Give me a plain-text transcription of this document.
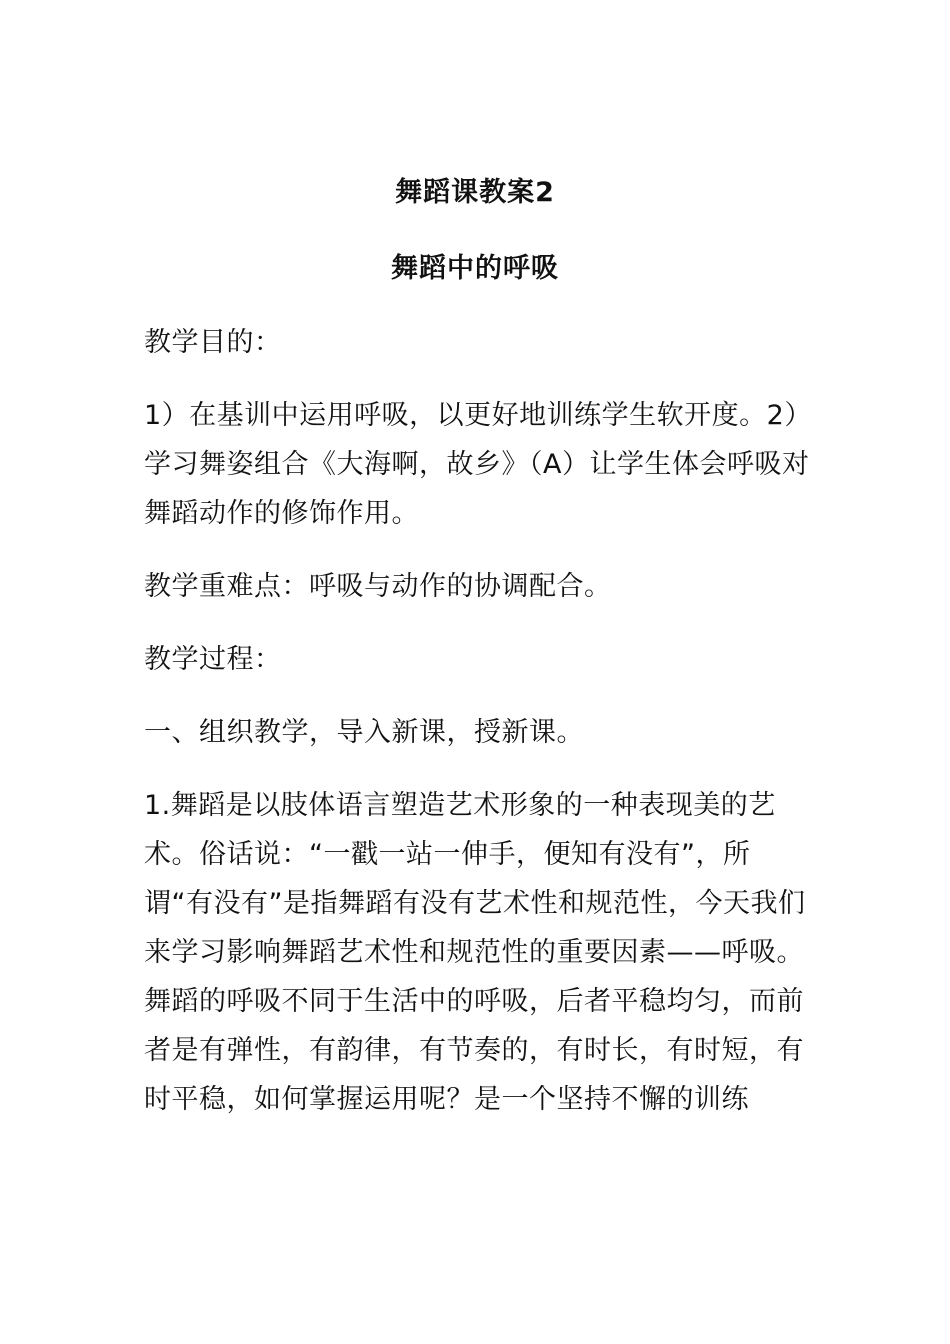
舞蹈课教案2
舞蹈中的呼吸

教学目的：

1）在基训中运用呼吸，以更好地训练学生软开度。2）学习舞姿组合《大海啊，故乡》（A）让学生体会呼吸对舞蹈动作的修饰作用。

教学重难点：呼吸与动作的协调配合。

教学过程：

一、组织教学，导入新课，授新课。

1.舞蹈是以肢体语言塑造艺术形象的一种表现美的艺术。俗话说：“一戳一站一伸手，便知有没有”，所谓“有没有”是指舞蹈有没有艺术性和规范性，今天我们来学习影响舞蹈艺术性和规范性的重要因素——呼吸。舞蹈的呼吸不同于生活中的呼吸，后者平稳均匀，而前者是有弹性，有韵律，有节奏的，有时长，有时短，有时平稳，如何掌握运用呢？是一个坚持不懈的训练
